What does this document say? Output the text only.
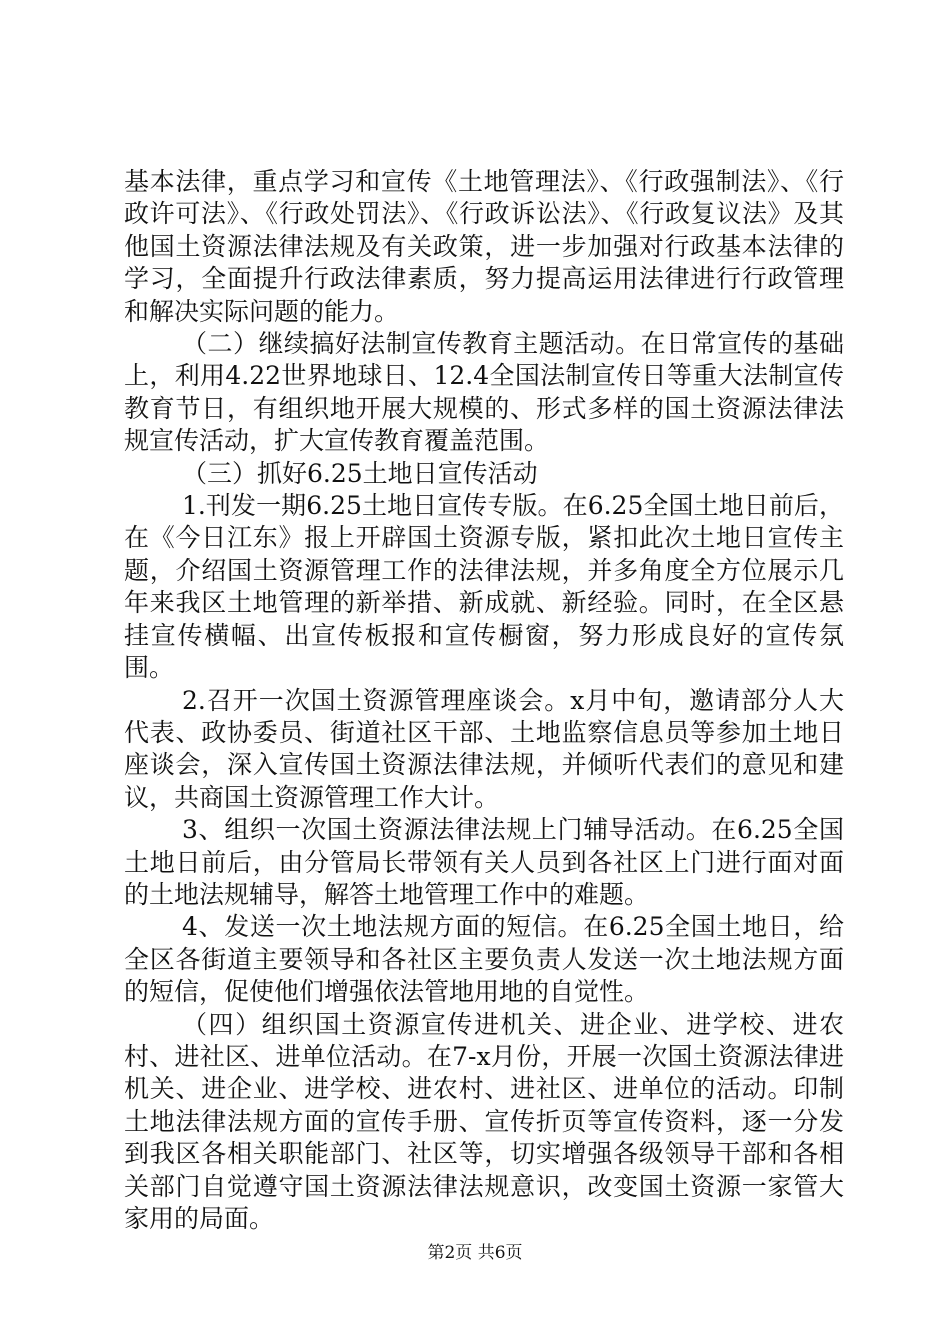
基本法律，重点学习和宣传《土地管理法》、《行政强制法》、《行政许可法》、《行政处罚法》、《行政诉讼法》、《行政复议法》及其他国土资源法律法规及有关政策，进一步加强对行政基本法律的学习，全面提升行政法律素质，努力提高运用法律进行行政管理和解决实际问题的能力。

（二）继续搞好法制宣传教育主题活动。在日常宣传的基础上，利用4.22世界地球日、12.4全国法制宣传日等重大法制宣传教育节日，有组织地开展大规模的、形式多样的国土资源法律法规宣传活动，扩大宣传教育覆盖范围。

（三）抓好6.25土地日宣传活动

1.刊发一期6.25土地日宣传专版。在6.25全国土地日前后，在《今日江东》报上开辟国土资源专版，紧扣此次土地日宣传主题，介绍国土资源管理工作的法律法规，并多角度全方位展示几年来我区土地管理的新举措、新成就、新经验。同时，在全区悬挂宣传横幅、出宣传板报和宣传橱窗，努力形成良好的宣传氛围。

2.召开一次国土资源管理座谈会。x月中旬，邀请部分人大代表、政协委员、街道社区干部、土地监察信息员等参加土地日座谈会，深入宣传国土资源法律法规，并倾听代表们的意见和建议，共商国土资源管理工作大计。

3、组织一次国土资源法律法规上门辅导活动。在6.25全国土地日前后，由分管局长带领有关人员到各社区上门进行面对面的土地法规辅导，解答土地管理工作中的难题。

4、发送一次土地法规方面的短信。在6.25全国土地日，给全区各街道主要领导和各社区主要负责人发送一次土地法规方面的短信，促使他们增强依法管地用地的自觉性。

（四）组织国土资源宣传进机关、进企业、进学校、进农村、进社区、进单位活动。在7-x月份，开展一次国土资源法律进机关、进企业、进学校、进农村、进社区、进单位的活动。印制土地法律法规方面的宣传手册、宣传折页等宣传资料，逐一分发到我区各相关职能部门、社区等，切实增强各级领导干部和各相关部门自觉遵守国土资源法律法规意识，改变国土资源一家管大家用的局面。

第2页 共6页
